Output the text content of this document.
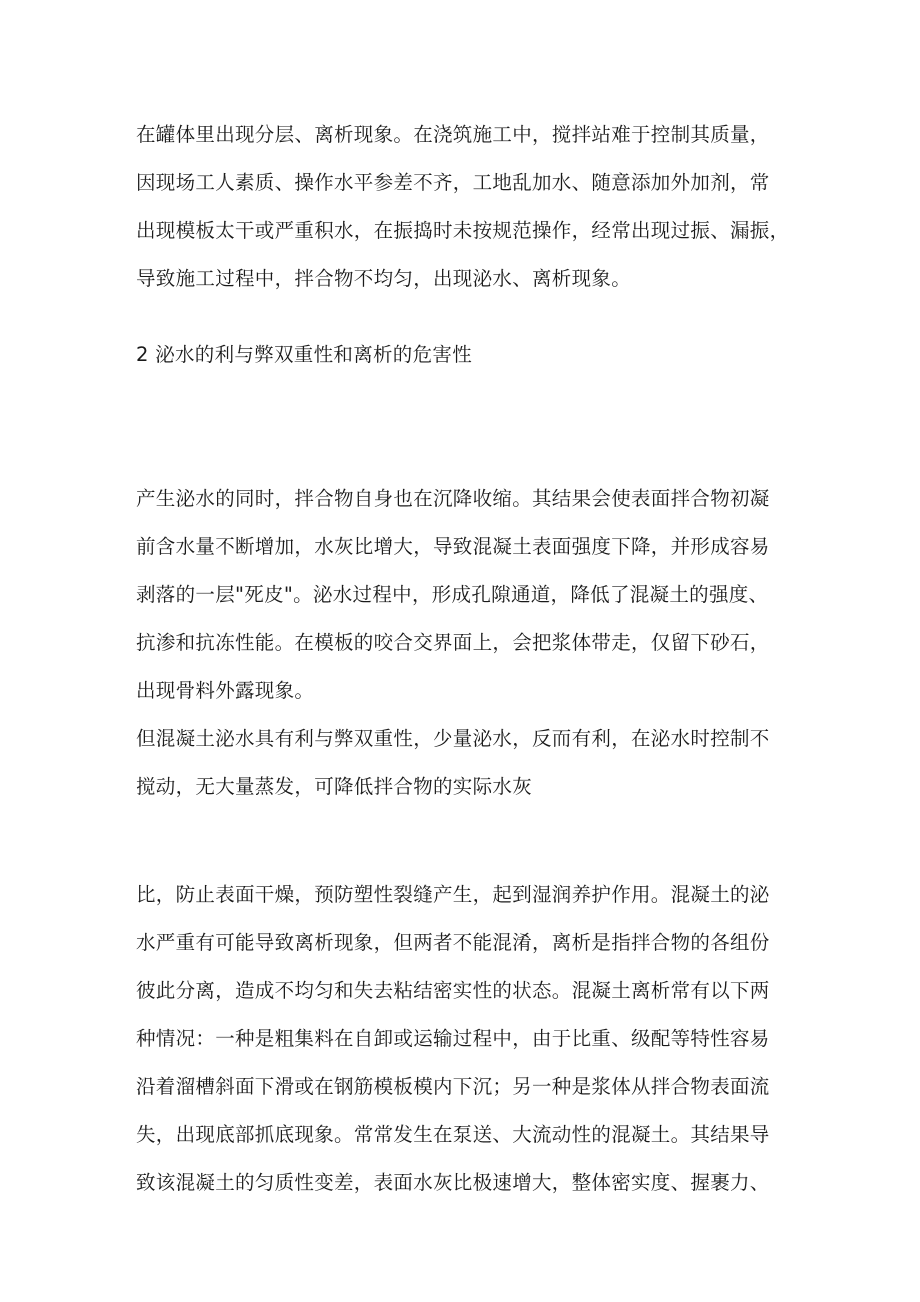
在罐体里出现分层、离析现象。在浇筑施工中，搅拌站难于控制其质量，
因现场工人素质、操作水平参差不齐，工地乱加水、随意添加外加剂，常
出现模板太干或严重积水，在振捣时未按规范操作，经常出现过振、漏振，
导致施工过程中，拌合物不均匀，出现泌水、离析现象。
2 泌水的利与弊双重性和离析的危害性
产生泌水的同时，拌合物自身也在沉降收缩。其结果会使表面拌合物初凝
前含水量不断增加，水灰比增大，导致混凝土表面强度下降，并形成容易
剥落的一层"死皮"。泌水过程中，形成孔隙通道，降低了混凝土的强度、
抗渗和抗冻性能。在模板的咬合交界面上，会把浆体带走，仅留下砂石，
出现骨料外露现象。
但混凝土泌水具有利与弊双重性，少量泌水，反而有利，在泌水时控制不
搅动，无大量蒸发，可降低拌合物的实际水灰
比，防止表面干燥，预防塑性裂缝产生，起到湿润养护作用。混凝土的泌
水严重有可能导致离析现象，但两者不能混淆，离析是指拌合物的各组份
彼此分离，造成不均匀和失去粘结密实性的状态。混凝土离析常有以下两
种情况：一种是粗集料在自卸或运输过程中，由于比重、级配等特性容易
沿着溜槽斜面下滑或在钢筋模板模内下沉；另一种是浆体从拌合物表面流
失，出现底部抓底现象。常常发生在泵送、大流动性的混凝土。其结果导
致该混凝土的匀质性变差，表面水灰比极速增大，整体密实度、握裹力、
